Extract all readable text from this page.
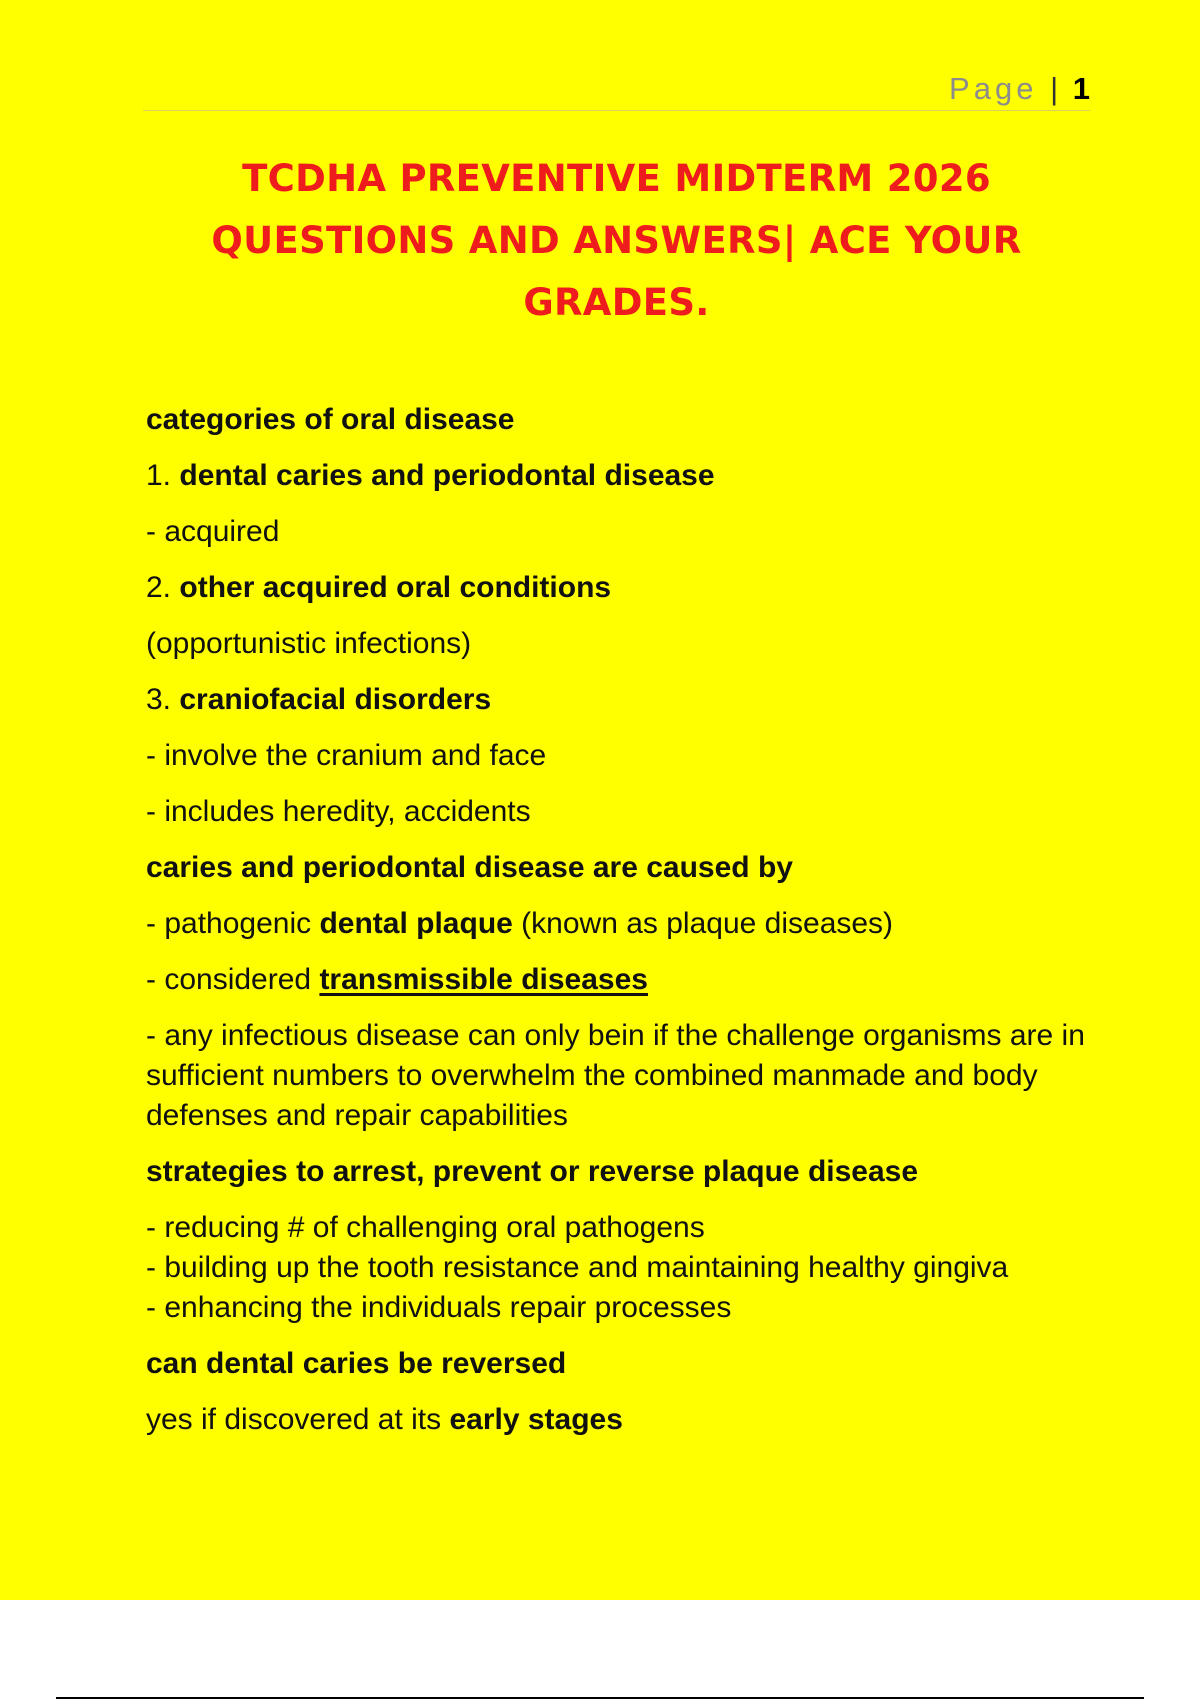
Page | 1
TCDHA PREVENTIVE MIDTERM 2026
QUESTIONS AND ANSWERS| ACE YOUR
GRADES.

categories of oral disease

1. dental caries and periodontal disease

- acquired

2. other acquired oral conditions

(opportunistic infections)

3. craniofacial disorders

- involve the cranium and face

- includes heredity, accidents

caries and periodontal disease are caused by

- pathogenic dental plaque (known as plaque diseases)

- considered transmissible diseases

- any infectious disease can only bein if the challenge organisms are in sufficient numbers to overwhelm the combined manmade and body defenses and repair capabilities

strategies to arrest, prevent or reverse plaque disease

- reducing # of challenging oral pathogens

- building up the tooth resistance and maintaining healthy gingiva

- enhancing the individuals repair processes

can dental caries be reversed

yes if discovered at its early stages
